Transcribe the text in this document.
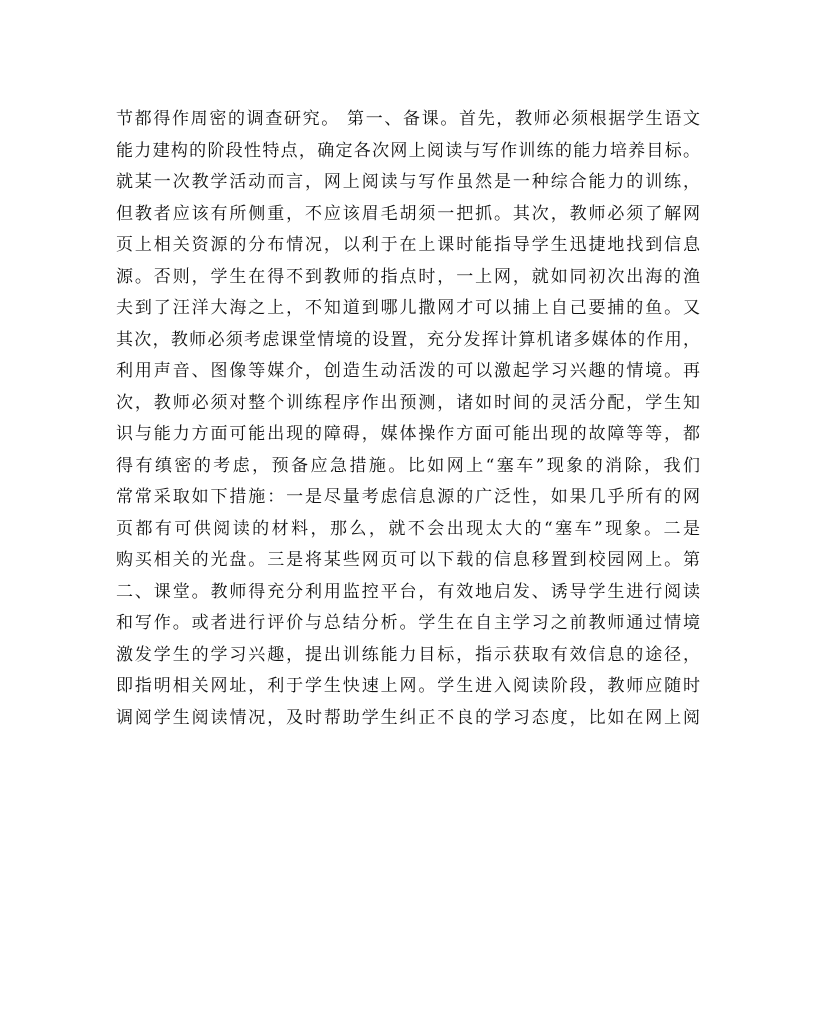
节都得作周密的调查研究。 第一、备课。首先，教师必须根据学生语文
能力建构的阶段性特点，确定各次网上阅读与写作训练的能力培养目标。
就某一次教学活动而言，网上阅读与写作虽然是一种综合能力的训练，
但教者应该有所侧重，不应该眉毛胡须一把抓。其次，教师必须了解网
页上相关资源的分布情况，以利于在上课时能指导学生迅捷地找到信息
源。否则，学生在得不到教师的指点时，一上网，就如同初次出海的渔
夫到了汪洋大海之上，不知道到哪儿撒网才可以捕上自己要捕的鱼。又
其次，教师必须考虑课堂情境的设置，充分发挥计算机诸多媒体的作用，
利用声音、图像等媒介，创造生动活泼的可以激起学习兴趣的情境。再
次，教师必须对整个训练程序作出预测，诸如时间的灵活分配，学生知
识与能力方面可能出现的障碍，媒体操作方面可能出现的故障等等，都
得有缜密的考虑，预备应急措施。比如网上“塞车”现象的消除，我们
常常采取如下措施：一是尽量考虑信息源的广泛性，如果几乎所有的网
页都有可供阅读的材料，那么，就不会出现太大的“塞车”现象。二是
购买相关的光盘。三是将某些网页可以下载的信息移置到校园网上。第
二、课堂。教师得充分利用监控平台，有效地启发、诱导学生进行阅读
和写作。或者进行评价与总结分析。学生在自主学习之前教师通过情境
激发学生的学习兴趣，提出训练能力目标，指示获取有效信息的途径，
即指明相关网址，利于学生快速上网。学生进入阅读阶段，教师应随时
调阅学生阅读情况，及时帮助学生纠正不良的学习态度，比如在网上阅
